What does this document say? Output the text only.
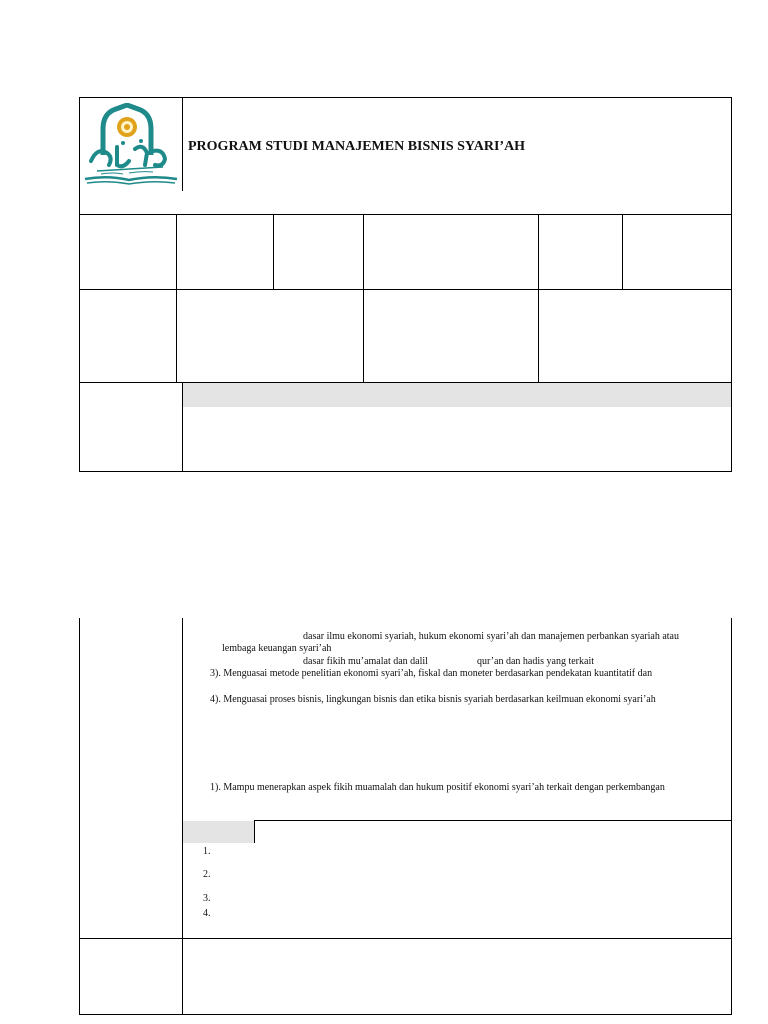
PROGRAM STUDI MANAJEMEN BISNIS SYARI’AH
dasar ilmu ekonomi syariah, hukum ekonomi syari’ah dan manajemen perbankan syariah atau
lembaga keuangan syari’ah
dasar fikih mu’amalat dan dalil	qur’an dan hadis yang terkait
3). Menguasai metode penelitian ekonomi syari’ah, fiskal dan moneter berdasarkan pendekatan kuantitatif dan
4). Menguasai proses bisnis, lingkungan bisnis dan etika bisnis syariah berdasarkan keilmuan ekonomi syari’ah
1). Mampu menerapkan aspek fikih muamalah dan hukum positif ekonomi syari’ah terkait dengan perkembangan
1.
2.
3.
4.
